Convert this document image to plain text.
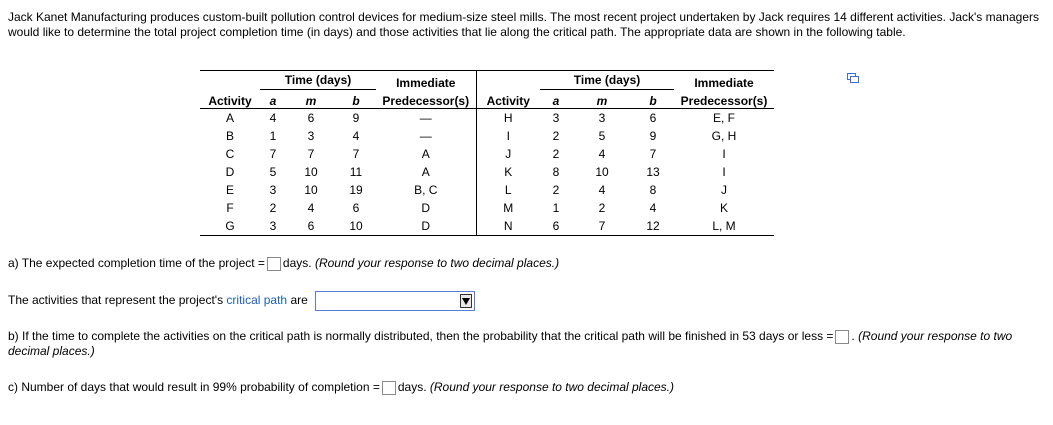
Jack Kanet Manufacturing produces custom-built pollution control devices for medium-size steel mills. The most recent project undertaken by Jack requires 14 different activities. Jack's managers would like to determine the total project completion time (in days) and those activities that lie along the critical path. The appropriate data are shown in the following table.
	Time (days)			Immediate		Time (days)			Immediate
Activity	a	m	b	Predecessor(s)	Activity	a	m	b	Predecessor(s)
A	4	6	9	—	H	3	3	6	E, F
B	1	3	4	—	I	2	5	9	G, H
C	7	7	7	A	J	2	4	7	I
D	5	10	11	A	K	8	10	13	I
E	3	10	19	B, C	L	2	4	8	J
F	2	4	6	D	M	1	2	4	K
G	3	6	10	D	N	6	7	12	L, M
a) The expected completion time of the project = days. (Round your response to two decimal places.)
The activities that represent the project's critical path are
b) If the time to complete the activities on the critical path is normally distributed, then the probability that the critical path will be finished in 53 days or less = . (Round your response to two decimal places.)
c) Number of days that would result in 99% probability of completion = days. (Round your response to two decimal places.)
